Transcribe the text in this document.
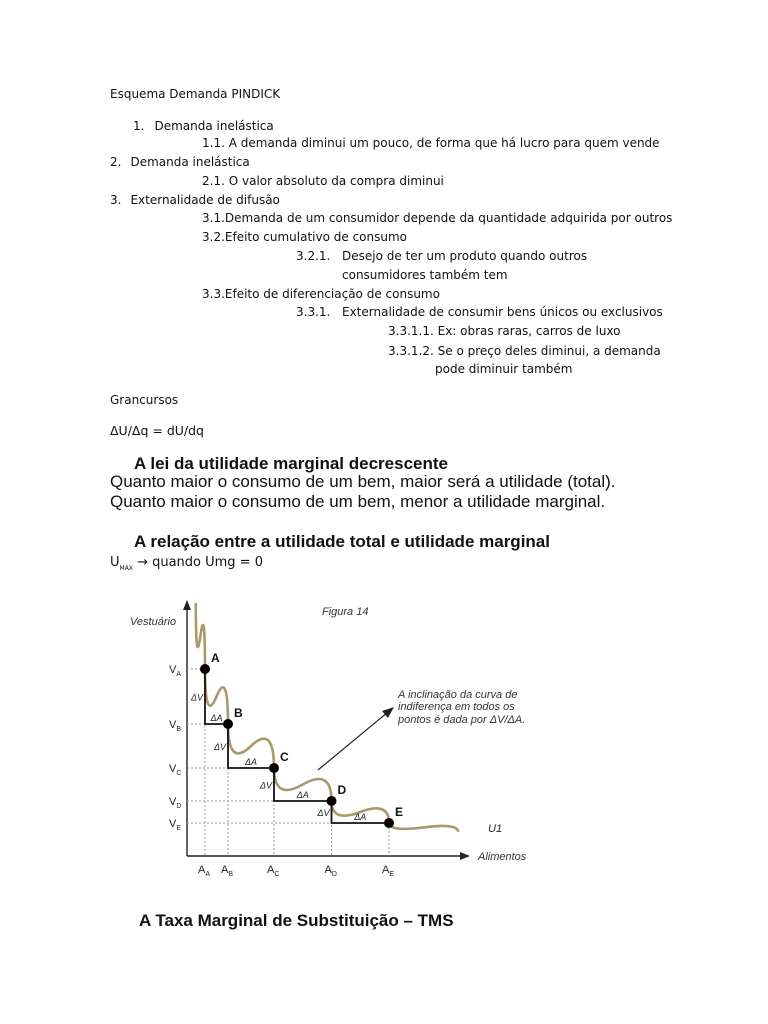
Esquema Demanda PINDICK
1. Demanda inelástica
1.1. A demanda diminui um pouco, de forma que há lucro para quem vende
2. Demanda inelástica
2.1. O valor absoluto da compra diminui
3. Externalidade de difusão
3.1.Demanda de um consumidor depende da quantidade adquirida por outros
3.2.Efeito cumulativo de consumo
3.2.1. Desejo de ter um produto quando outros
consumidores também tem
3.3.Efeito de diferenciação de consumo
3.3.1. Externalidade de consumir bens únicos ou exclusivos
3.3.1.1. Ex: obras raras, carros de luxo
3.3.1.2. Se o preço deles diminui, a demanda
pode diminuir também
Grancursos
ΔU/Δq = dU/dq
A lei da utilidade marginal decrescente
Quanto maior o consumo de um bem, maior será a utilidade (total).
Quanto maior o consumo de um bem, menor a utilidade marginal.
A relação entre a utilidade total e utilidade marginal
$U_{MÁX}$ → quando Umg = 0
Figura 14
Vestuário
Alimentos
$V_A$
$A_A$
ΔV
ΔA
A
$V_B$
$A_B$
ΔV
ΔA
B
$V_C$
$A_C$
ΔV
ΔA
C
$V_D$
$A_D$
ΔV	ΔA
D
$V_E$
$A_E$
E
U1
A inclinação da curva de
indiferença em todos os
pontos é dada por ΔV/ΔA.
A Taxa Marginal de Substituição – TMS
